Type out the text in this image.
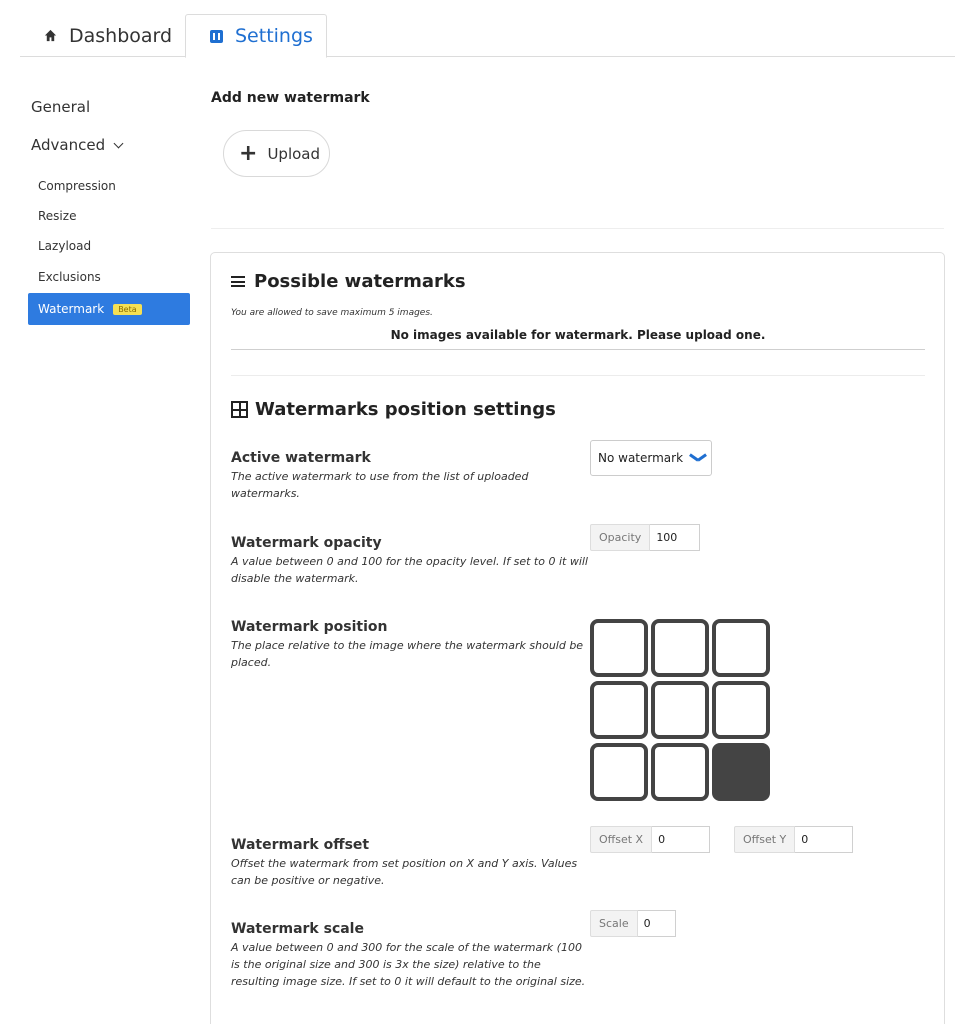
Dashboard	Settings
General
Advanced
Compression
Resize
Lazyload
Exclusions
Watermark	Beta
Add new watermark
+ Upload
Possible watermarks
You are allowed to save maximum 5 images.
No images available for watermark. Please upload one.
Watermarks position settings
Active watermark
The active watermark to use from the list of uploaded watermarks.
No watermark
Watermark opacity
A value between 0 and 100 for the opacity level. If set to 0 it will disable the watermark.
Opacity
100
Watermark position
The place relative to the image where the watermark should be placed.
Watermark offset
Offset the watermark from set position on X and Y axis. Values can be positive or negative.
Offset X
0	Offset Y
0
Watermark scale
A value between 0 and 300 for the scale of the watermark (100 is the original size and 300 is 3x the size) relative to the resulting image size. If set to 0 it will default to the original size.
Scale
0
